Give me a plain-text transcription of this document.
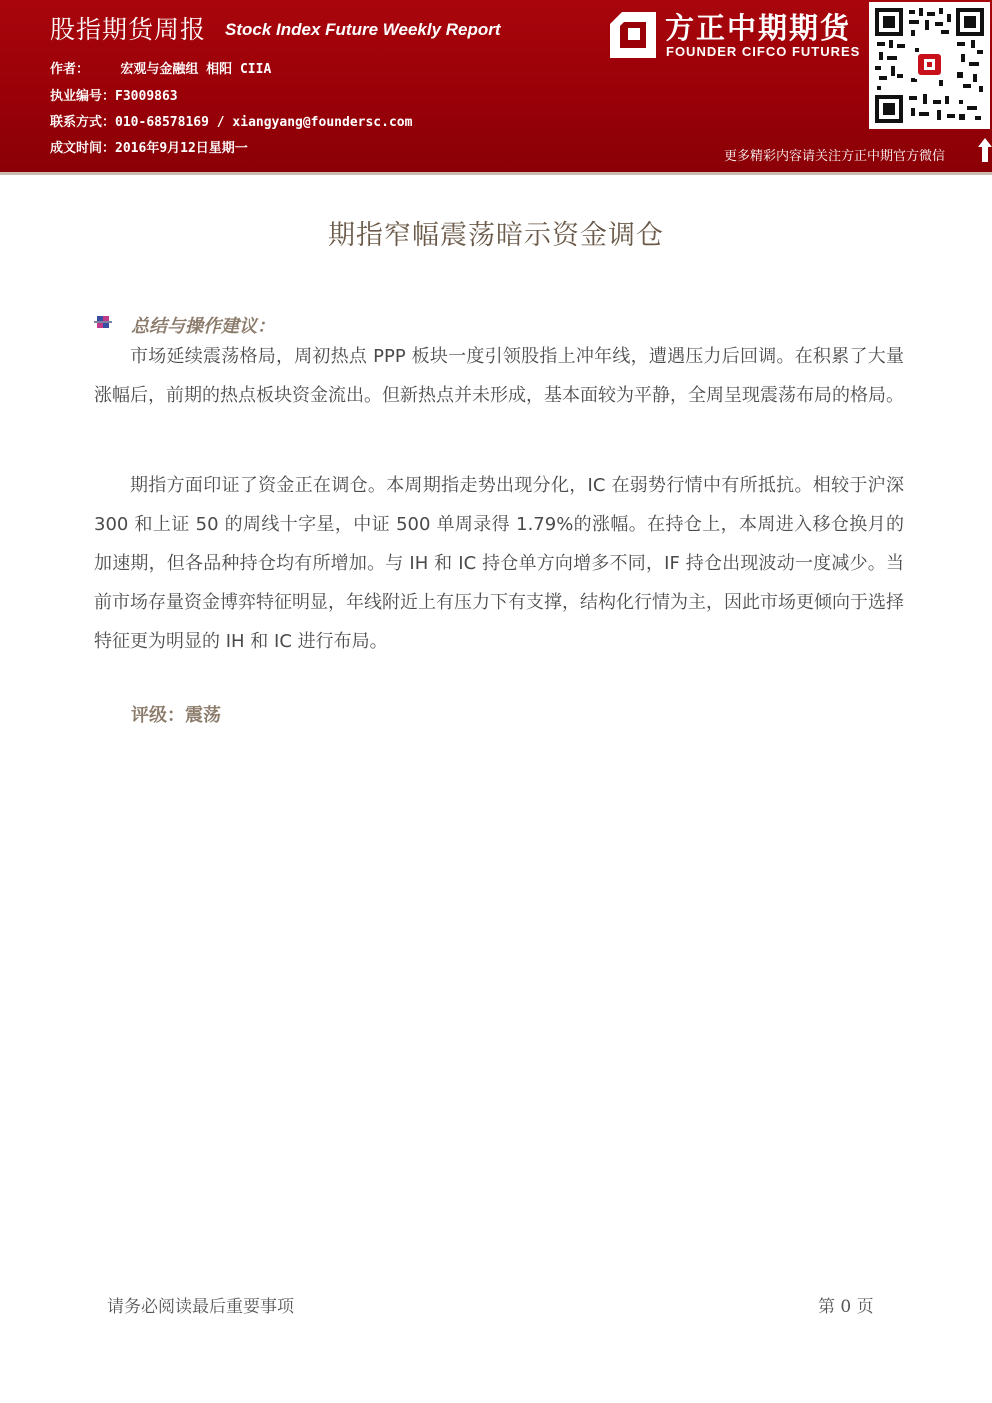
股指期货周报 Stock Index Future Weekly Report
作者： 宏观与金融组 相阳 CIIA
执业编号：F3009863
联系方式：010-68578169 / xiangyang@foundersc.com
成文时间：2016年9月12日星期一
方正中期期货
FOUNDER CIFCO FUTURES
更多精彩内容请关注方正中期官方微信
期指窄幅震荡暗示资金调仓
总结与操作建议：
市场延续震荡格局，周初热点 PPP 板块一度引领股指上冲年线，遭遇压力后回调。在积累了大量涨幅后，前期的热点板块资金流出。但新热点并未形成，基本面较为平静，全周呈现震荡布局的格局。
期指方面印证了资金正在调仓。本周期指走势出现分化，IC 在弱势行情中有所抵抗。相较于沪深 300 和上证 50 的周线十字星，中证 500 单周录得 1.79%的涨幅。在持仓上，本周进入移仓换月的加速期，但各品种持仓均有所增加。与 IH 和 IC 持仓单方向增多不同，IF 持仓出现波动一度减少。当前市场存量资金博弈特征明显，年线附近上有压力下有支撑，结构化行情为主，因此市场更倾向于选择特征更为明显的 IH 和 IC 进行布局。
评级：震荡
请务必阅读最后重要事项	第 0 页
